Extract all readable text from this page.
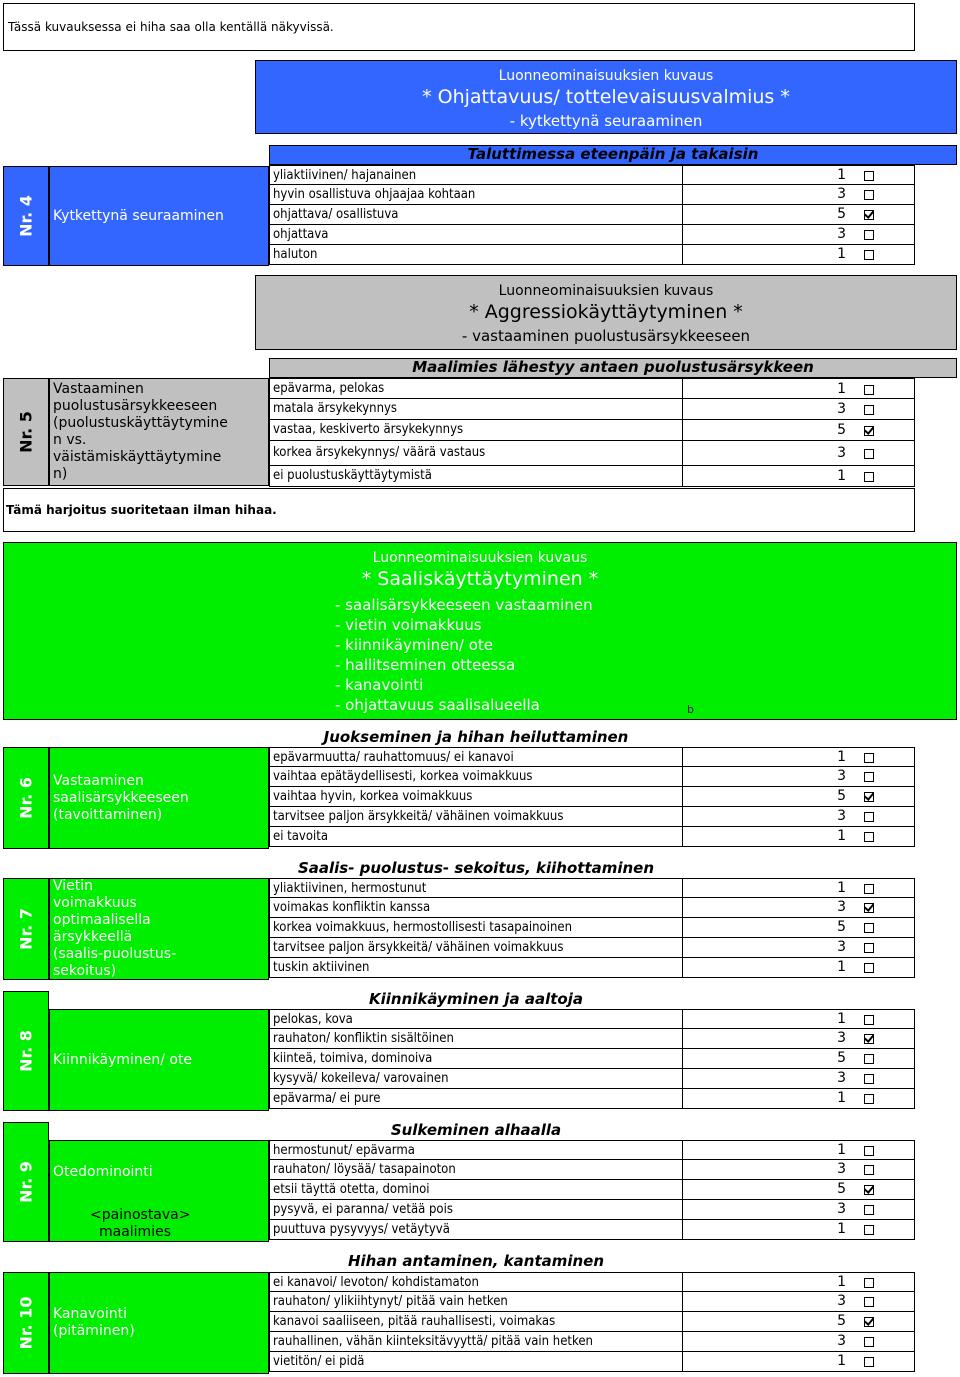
Tässä kuvauksessa ei hiha saa olla kentällä näkyvissä.
Luonneominaisuuksien kuvaus
* Ohjattavuus/ tottelevaisuusvalmius *
- kytkettynä seuraaminen
Nr. 4 Kytkettynä seuraaminen
Taluttimessa eteenpäin ja takaisin
Luonneominaisuuksien kuvaus
* Aggressiokäyttäytyminen *
- vastaaminen puolustusärsykkeeseen
Nr. 5
Vastaaminen puolustusärsykkeeseen (puolustuskäyttäytymine n vs. väistämiskäyttäytymine n)
Maalimies lähestyy antaen puolustusärsykkeen
Tämä harjoitus suoritetaan ilman hihaa.
Luonneominaisuuksien kuvaus
* Saaliskäyttäytyminen *
- saalisärsykkeeseen vastaaminen
- vietin voimakkuus
- kiinnikäyminen/ ote
- hallitseminen otteessa
- kanavointi
- ohjattavuus saalisalueella	b
Nr. 6 Vastaaminen saalisärsykkeeseen (tavoittaminen)
Juokseminen ja hihan heiluttaminen
Nr. 7
Vietin voimakkuus optimaalisella ärsykkeellä (saalis-puolustus-sekoitus)
Saalis- puolustus- sekoitus, kiihottaminen
Nr. 8 Kiinnikäyminen/ ote
Kiinnikäyminen ja aaltoja
Nr. 9 Otedominointi
<painostava> maalimies
Sulkeminen alhaalla
Nr. 10 Kanavointi (pitäminen)
Hihan antaminen, kantaminen
yliaktiivinen/ hajanainen	1
hyvin osallistuva ohjaajaa kohtaan	3
ohjattava/ osallistuva	5
ohjattava	3
haluton	1
epävarma, pelokas	1
matala ärsykekynnys	3
vastaa, keskiverto ärsykekynnys	5
korkea ärsykekynnys/ väärä vastaus	3
ei puolustuskäyttäytymistä	1
epävarmuutta/ rauhattomuus/ ei kanavoi	1
vaihtaa epätäydellisesti, korkea voimakkuus	3
vaihtaa hyvin, korkea voimakkuus	5
tarvitsee paljon ärsykkeitä/ vähäinen voimakkuus	3
ei tavoita	1
yliaktiivinen, hermostunut	1
voimakas konfliktin kanssa	3
korkea voimakkuus, hermostollisesti tasapainoinen	5
tarvitsee paljon ärsykkeitä/ vähäinen voimakkuus	3
tuskin aktiivinen	1
pelokas, kova	1
rauhaton/ konfliktin sisältöinen	3
kiinteä, toimiva, dominoiva	5
kysyvä/ kokeileva/ varovainen	3
epävarma/ ei pure	1
hermostunut/ epävarma	1
rauhaton/ löysää/ tasapainoton	3
etsii täyttä otetta, dominoi	5
pysyvä, ei paranna/ vetää pois	3
puuttuva pysyvyys/ vetäytyvä	1
ei kanavoi/ levoton/ kohdistamaton	1
rauhaton/ ylikiihtynyt/ pitää vain hetken	3
kanavoi saaliiseen, pitää rauhallisesti, voimakas	5
rauhallinen, vähän kiinteksitävyyttä/ pitää vain hetken	3
vietitön/ ei pidä	1
